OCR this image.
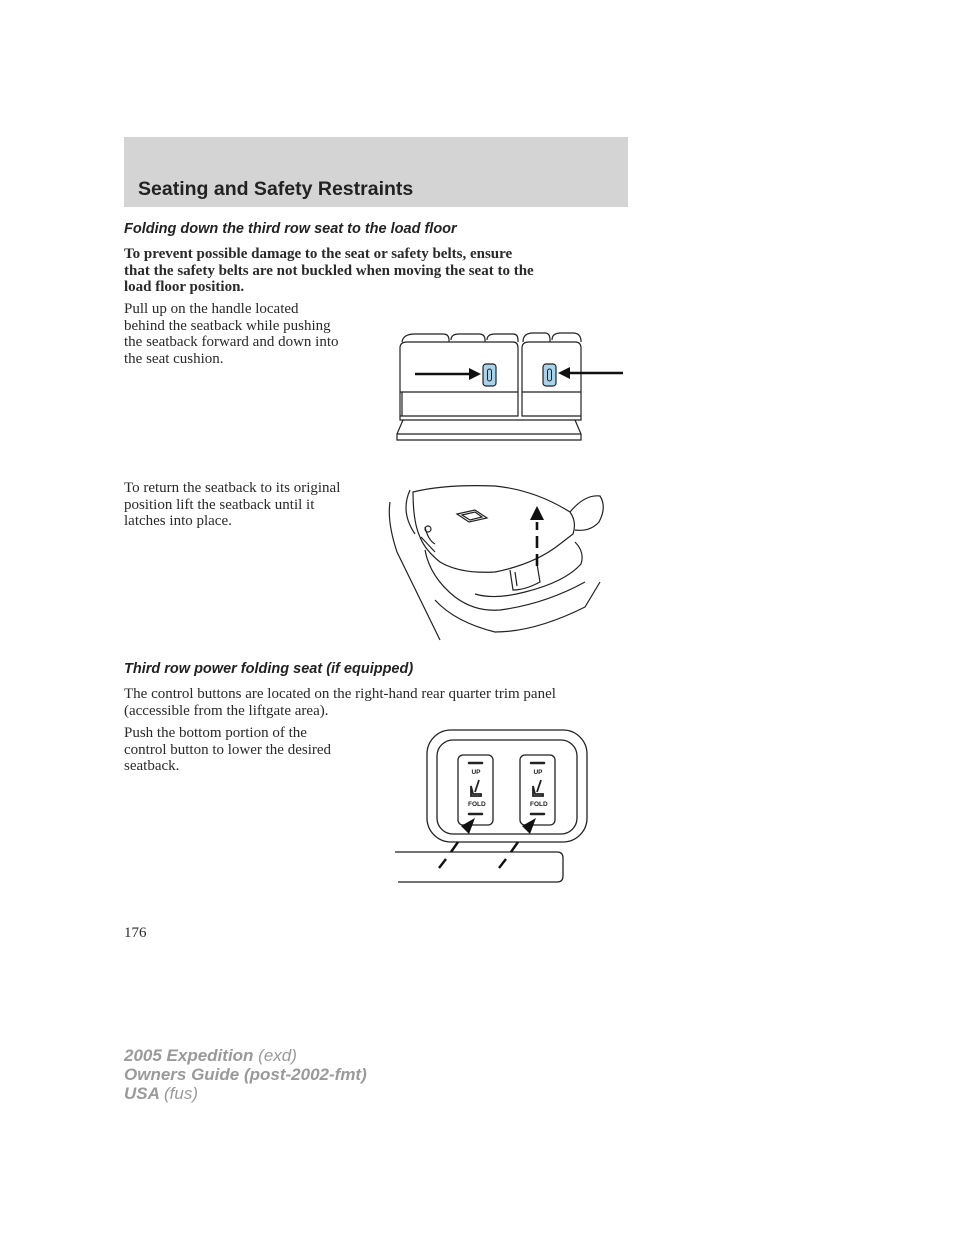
Seating and Safety Restraints
Folding down the third row seat to the load floor
To prevent possible damage to the seat or safety belts, ensure
that the safety belts are not buckled when moving the seat to the
load floor position.
Pull up on the handle located
behind the seatback while pushing
the seatback forward and down into
the seat cushion.
To return the seatback to its original
position lift the seatback until it
latches into place.
Third row power folding seat (if equipped)
The control buttons are located on the right-hand rear quarter trim panel
(accessible from the liftgate area).
Push the bottom portion of the
control button to lower the desired
seatback.	UP
FOLD
UP
FOLD
176
2005 Expedition (exd)
Owners Guide (post-2002-fmt)
USA (fus)
